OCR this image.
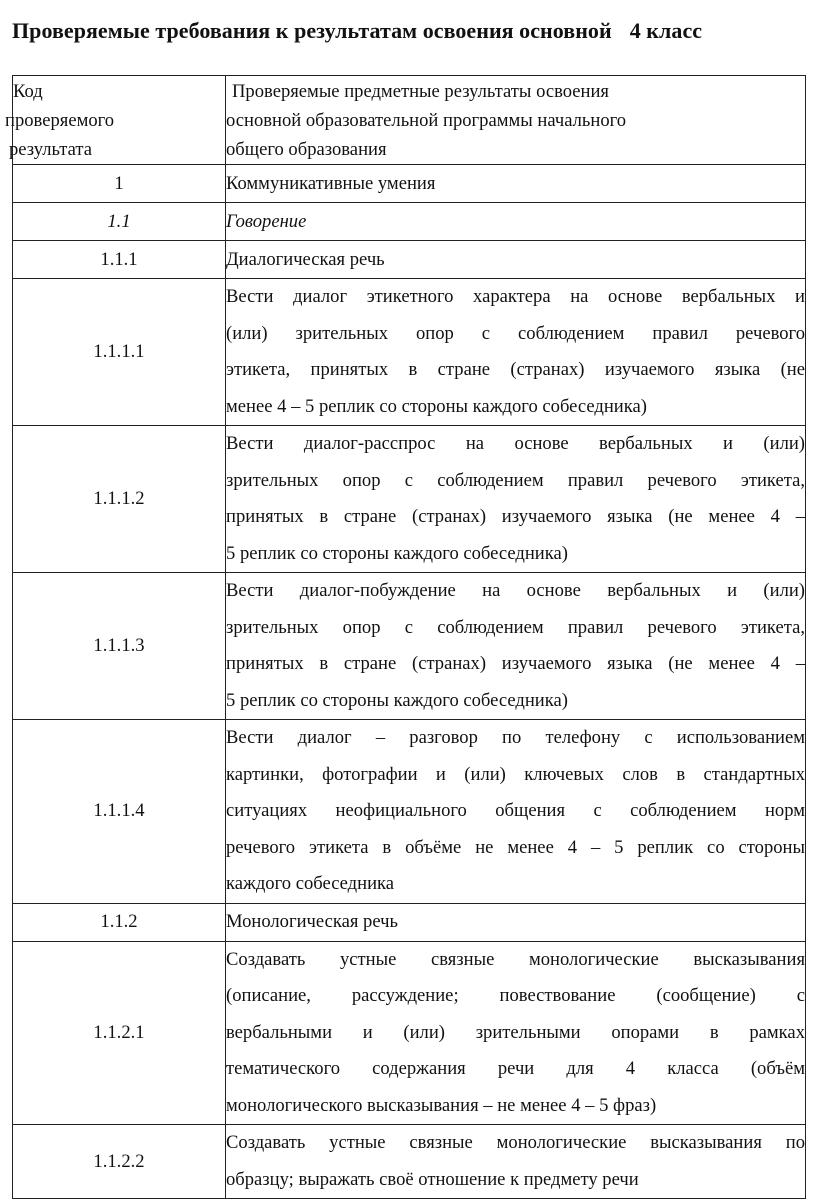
Проверяемые требования к результатам освоения основной 4 класс
Код
проверяемого
результата	Проверяемые предметные результаты освоения
основной образовательной программы начального
общего образования

1	Коммуникативные умения
1.1	Говорение
1.1.1	Диалогическая речь
1.1.1.1	Вести диалог этикетного характера на основе вербальных и
(или) зрительных опор с соблюдением правил речевого
этикета, принятых в стране (странах) изучаемого языка (не
менее 4 – 5 реплик со стороны каждого собеседника)

1.1.1.2	Вести диалог-расспрос на основе вербальных и (или)
зрительных опор с соблюдением правил речевого этикета,
принятых в стране (странах) изучаемого языка (не менее 4 –
5 реплик со стороны каждого собеседника)

1.1.1.3	Вести диалог-побуждение на основе вербальных и (или)
зрительных опор с соблюдением правил речевого этикета,
принятых в стране (странах) изучаемого языка (не менее 4 –
5 реплик со стороны каждого собеседника)

1.1.1.4	Вести диалог – разговор по телефону с использованием
картинки, фотографии и (или) ключевых слов в стандартных
ситуациях неофициального общения с соблюдением норм
речевого этикета в объёме не менее 4 – 5 реплик со стороны
каждого собеседника

1.1.2	Монологическая речь
1.1.2.1	Создавать устные связные монологические высказывания
(описание, рассуждение; повествование (сообщение) с
вербальными и (или) зрительными опорами в рамках
тематического содержания речи для 4 класса (объём
монологического высказывания – не менее 4 – 5 фраз)

1.1.2.2	Создавать устные связные монологические высказывания по
образцу; выражать своё отношение к предмету речи
